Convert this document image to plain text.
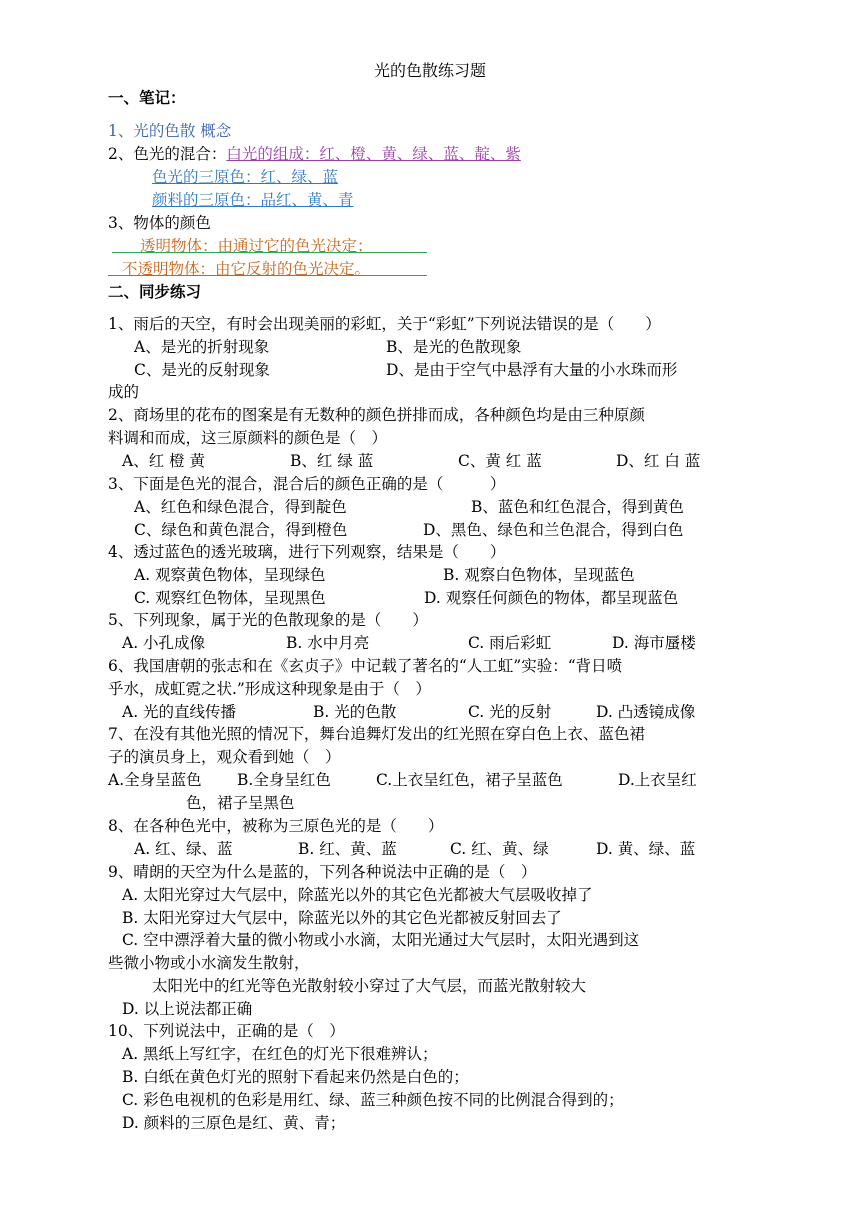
光的色散练习题
一、笔记：
1、光的色散 概念
2、色光的混合：白光的组成：红、橙、黄、绿、蓝、靛、紫
色光的三原色：红、绿、蓝
颜料的三原色：品红、黄、青
3、物体的颜色
透明物体：由通过它的色光决定；
不透明物体：由它反射的色光决定。
二、同步练习
1、雨后的天空，有时会出现美丽的彩虹，关于“彩虹”下列说法错误的是（　　）
A、是光的折射现象	B、是光的色散现象
C、是光的反射现象	D、是由于空气中悬浮有大量的小水珠而形
成的
2、商场里的花布的图案是有无数种的颜色拼排而成，各种颜色均是由三种原颜
料调和而成，这三原颜料的颜色是（　）
A、红 橙 黄	B、红 绿 蓝	C、黄 红 蓝	D、红 白 蓝
3、下面是色光的混合，混合后的颜色正确的是（　　　）
A、红色和绿色混合，得到靛色	B、蓝色和红色混合，得到黄色
C、绿色和黄色混合，得到橙色	D、黑色、绿色和兰色混合，得到白色
4、透过蓝色的透光玻璃，进行下列观察，结果是（　　）
A. 观察黄色物体，呈现绿色	B. 观察白色物体，呈现蓝色
C. 观察红色物体，呈现黑色	D. 观察任何颜色的物体，都呈现蓝色
5、下列现象，属于光的色散现象的是（　　）
A. 小孔成像	B. 水中月亮	C. 雨后彩虹	D. 海市蜃楼
6、我国唐朝的张志和在《玄贞子》中记载了著名的“人工虹”实验：“背日喷
乎水，成虹霓之状.”形成这种现象是由于（　）
A. 光的直线传播	B. 光的色散	C. 光的反射	D. 凸透镜成像
7、在没有其他光照的情况下，舞台追舞灯发出的红光照在穿白色上衣、蓝色裙
子的演员身上，观众看到她（　）
A.全身呈蓝色 B.全身呈红色	C.上衣呈红色，裙子呈蓝色	D.上衣呈红
色，裙子呈黑色
8、在各种色光中，被称为三原色光的是（　　）
A. 红、绿、蓝	B. 红、黄、蓝	C. 红、黄、绿	D. 黄、绿、蓝
9、晴朗的天空为什么是蓝的，下列各种说法中正确的是（　）
A. 太阳光穿过大气层中，除蓝光以外的其它色光都被大气层吸收掉了
B. 太阳光穿过大气层中，除蓝光以外的其它色光都被反射回去了
C. 空中漂浮着大量的微小物或小水滴，太阳光通过大气层时，太阳光遇到这
些微小物或小水滴发生散射，
太阳光中的红光等色光散射较小穿过了大气层，而蓝光散射较大
D. 以上说法都正确
10、下列说法中，正确的是（　）
A. 黑纸上写红字，在红色的灯光下很难辨认；
B. 白纸在黄色灯光的照射下看起来仍然是白色的；
C. 彩色电视机的色彩是用红、绿、蓝三种颜色按不同的比例混合得到的；
D. 颜料的三原色是红、黄、青；
